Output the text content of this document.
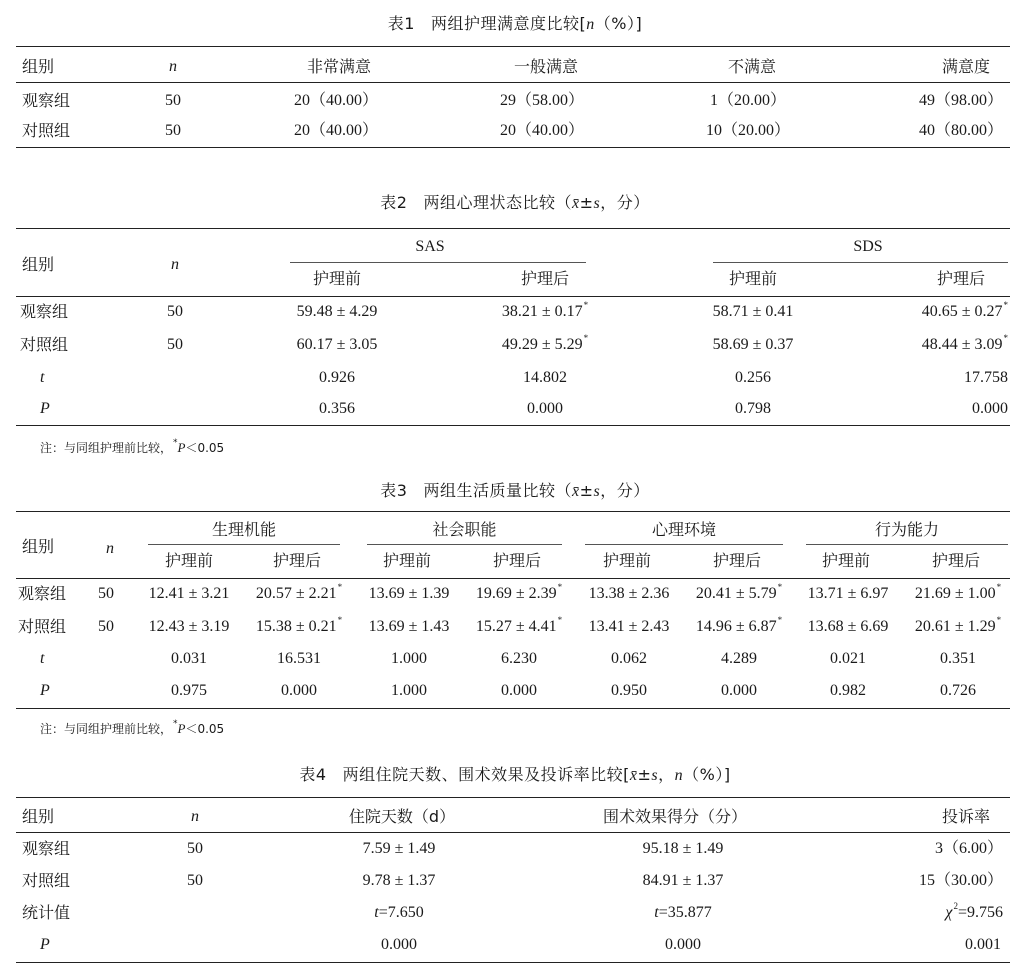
表1 两组护理满意度比较[n（%）]
组别	n	非常满意	一般满意	不满意	满意度
观察组	50	20（40.00）	29（58.00）	1（20.00）	49（98.00）
对照组	50	20（40.00）	20（40.00）	10（20.00）	40（80.00）
表2 两组心理状态比较（x̄±s，分）
组别	n
SAS	SDS
护理前	护理后	护理前	护理后
观察组	50	59.48 ± 4.29	38.21 ± 0.17*	58.71 ± 0.41	40.65 ± 0.27*
对照组	50	60.17 ± 3.05	49.29 ± 5.29*	58.69 ± 0.37	48.44 ± 3.09*
t	0.926	14.802	0.256	17.758
P	0.356	0.000	0.798	0.000
注：与同组护理前比较，*P＜0.05
表3 两组生活质量比较（x̄±s，分）
组别	n
生理机能	社会职能	心理环境	行为能力
护理前	护理后	护理前	护理后	护理前	护理后	护理前	护理后
观察组 50 12.41 ± 3.21 20.57 ± 2.21* 13.69 ± 1.39 19.69 ± 2.39* 13.38 ± 2.36 20.41 ± 5.79* 13.71 ± 6.97 21.69 ± 1.00*
对照组 50 12.43 ± 3.19 15.38 ± 0.21* 13.69 ± 1.43 15.27 ± 4.41* 13.41 ± 2.43 14.96 ± 6.87* 13.68 ± 6.69 20.61 ± 1.29*
t	0.031	16.531	1.000	6.230	0.062	4.289	0.021	0.351
P	0.975	0.000	1.000	0.000	0.950	0.000	0.982	0.726
注：与同组护理前比较，*P＜0.05
表4 两组住院天数、围术效果及投诉率比较[x̄±s，n（%）]
组别	n	住院天数（d）	围术效果得分（分）	投诉率
观察组	50	7.59 ± 1.49	95.18 ± 1.49	3（6.00）
对照组	50	9.78 ± 1.37	84.91 ± 1.37	15（30.00）
统计值	t=7.650	t=35.877	$\chi^2=9.756$
P	0.000	0.000	0.001
